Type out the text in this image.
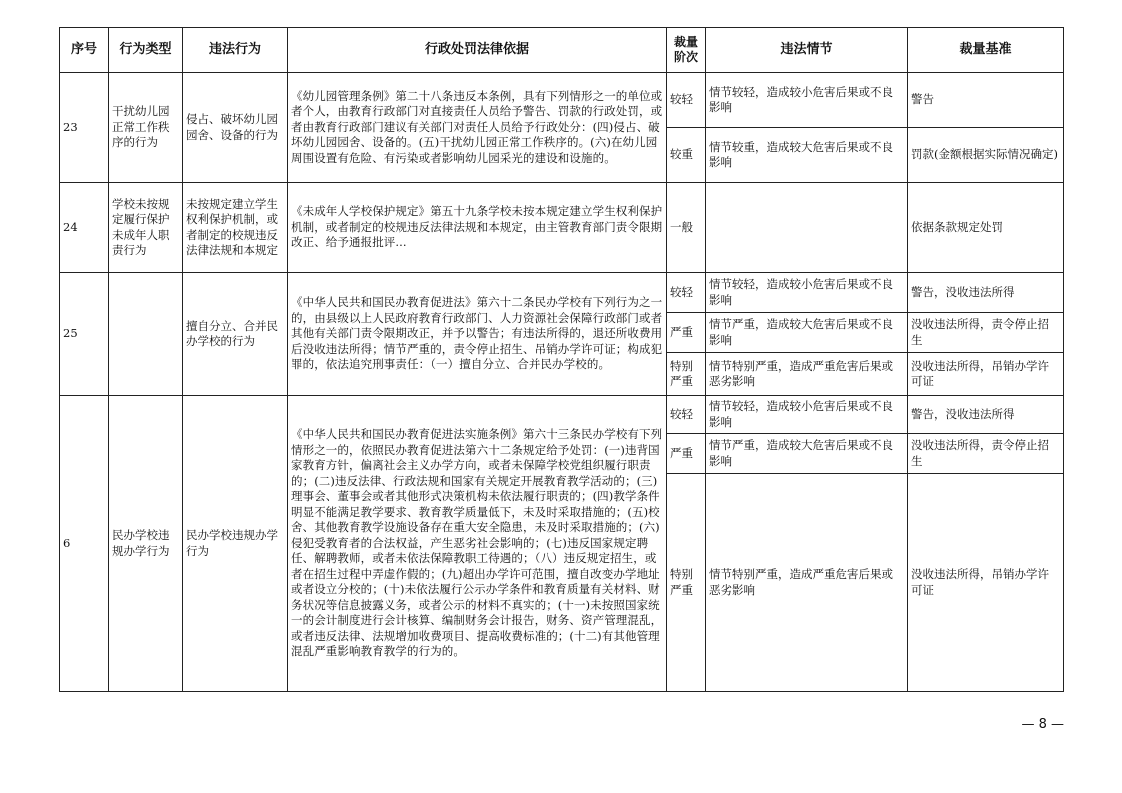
序号	行为类型	违法行为	行政处罚法律依据	裁量阶次	违法情节	裁量基准
23	干扰幼儿园正常工作秩序的行为	侵占、破坏幼儿园园舍、设备的行为	《幼儿园管理条例》第二十八条违反本条例，具有下列情形之一的单位或者个人，由教育行政部门对直接责任人员给予警告、罚款的行政处罚，或者由教育行政部门建议有关部门对责任人员给予行政处分：(四)侵占、破坏幼儿园园舍、设备的。(五)干扰幼儿园正常工作秩序的。(六)在幼儿园周围设置有危险、有污染或者影响幼儿园采光的建设和设施的。	较轻	情节较轻，造成较小危害后果或不良影响	警告
				较重	情节较重，造成较大危害后果或不良影响	罚款(金额根据实际情况确定)
24	学校未按规定履行保护未成年人职责行为	未按规定建立学生权利保护机制，或者制定的校规违反法律法规和本规定	《未成年人学校保护规定》第五十九条学校未按本规定建立学生权利保护机制，或者制定的校规违反法律法规和本规定，由主管教育部门责令限期改正、给予通报批评...	一般		依据条款规定处罚
25		擅自分立、合并民办学校的行为	《中华人民共和国民办教育促进法》第六十二条民办学校有下列行为之一的，由县级以上人民政府教育行政部门、人力资源社会保障行政部门或者其他有关部门责令限期改正，并予以警告；有违法所得的，退还所收费用后没收违法所得；情节严重的，责令停止招生、吊销办学许可证；构成犯罪的，依法追究刑事责任：（一）擅自分立、合并民办学校的。	较轻	情节较轻，造成较小危害后果或不良影响	警告，没收违法所得
				严重	情节严重，造成较大危害后果或不良影响	没收违法所得，责令停止招生
				特别严重	情节特别严重，造成严重危害后果或恶劣影响	没收违法所得，吊销办学许可证
6	民办学校违规办学行为	民办学校违规办学行为	《中华人民共和国民办教育促进法实施条例》第六十三条民办学校有下列情形之一的，依照民办教育促进法第六十二条规定给予处罚：(一)违背国家教育方针，偏离社会主义办学方向，或者未保障学校党组织履行职责的；(二)违反法律、行政法规和国家有关规定开展教育教学活动的；(三)理事会、董事会或者其他形式决策机构未依法履行职责的；(四)教学条件明显不能满足教学要求、教育教学质量低下，未及时采取措施的；(五)校舍、其他教育教学设施设备存在重大安全隐患，未及时采取措施的；(六)侵犯受教育者的合法权益，产生恶劣社会影响的；(七)违反国家规定聘任、解聘教师，或者未依法保障教职工待遇的；（八）违反规定招生，或者在招生过程中弄虚作假的；(九)超出办学许可范围，擅自改变办学地址或者设立分校的；(十)未依法履行公示办学条件和教育质量有关材料、财务状况等信息披露义务，或者公示的材料不真实的；(十一)未按照国家统一的会计制度进行会计核算、编制财务会计报告，财务、资产管理混乱，或者违反法律、法规增加收费项目、提高收费标准的；(十二)有其他管理混乱严重影响教育教学的行为的。	较轻	情节较轻，造成较小危害后果或不良影响	警告，没收违法所得
				严重	情节严重，造成较大危害后果或不良影响	没收违法所得，责令停止招生
				特别严重	情节特别严重，造成严重危害后果或恶劣影响	没收违法所得，吊销办学许可证
— 8 —
